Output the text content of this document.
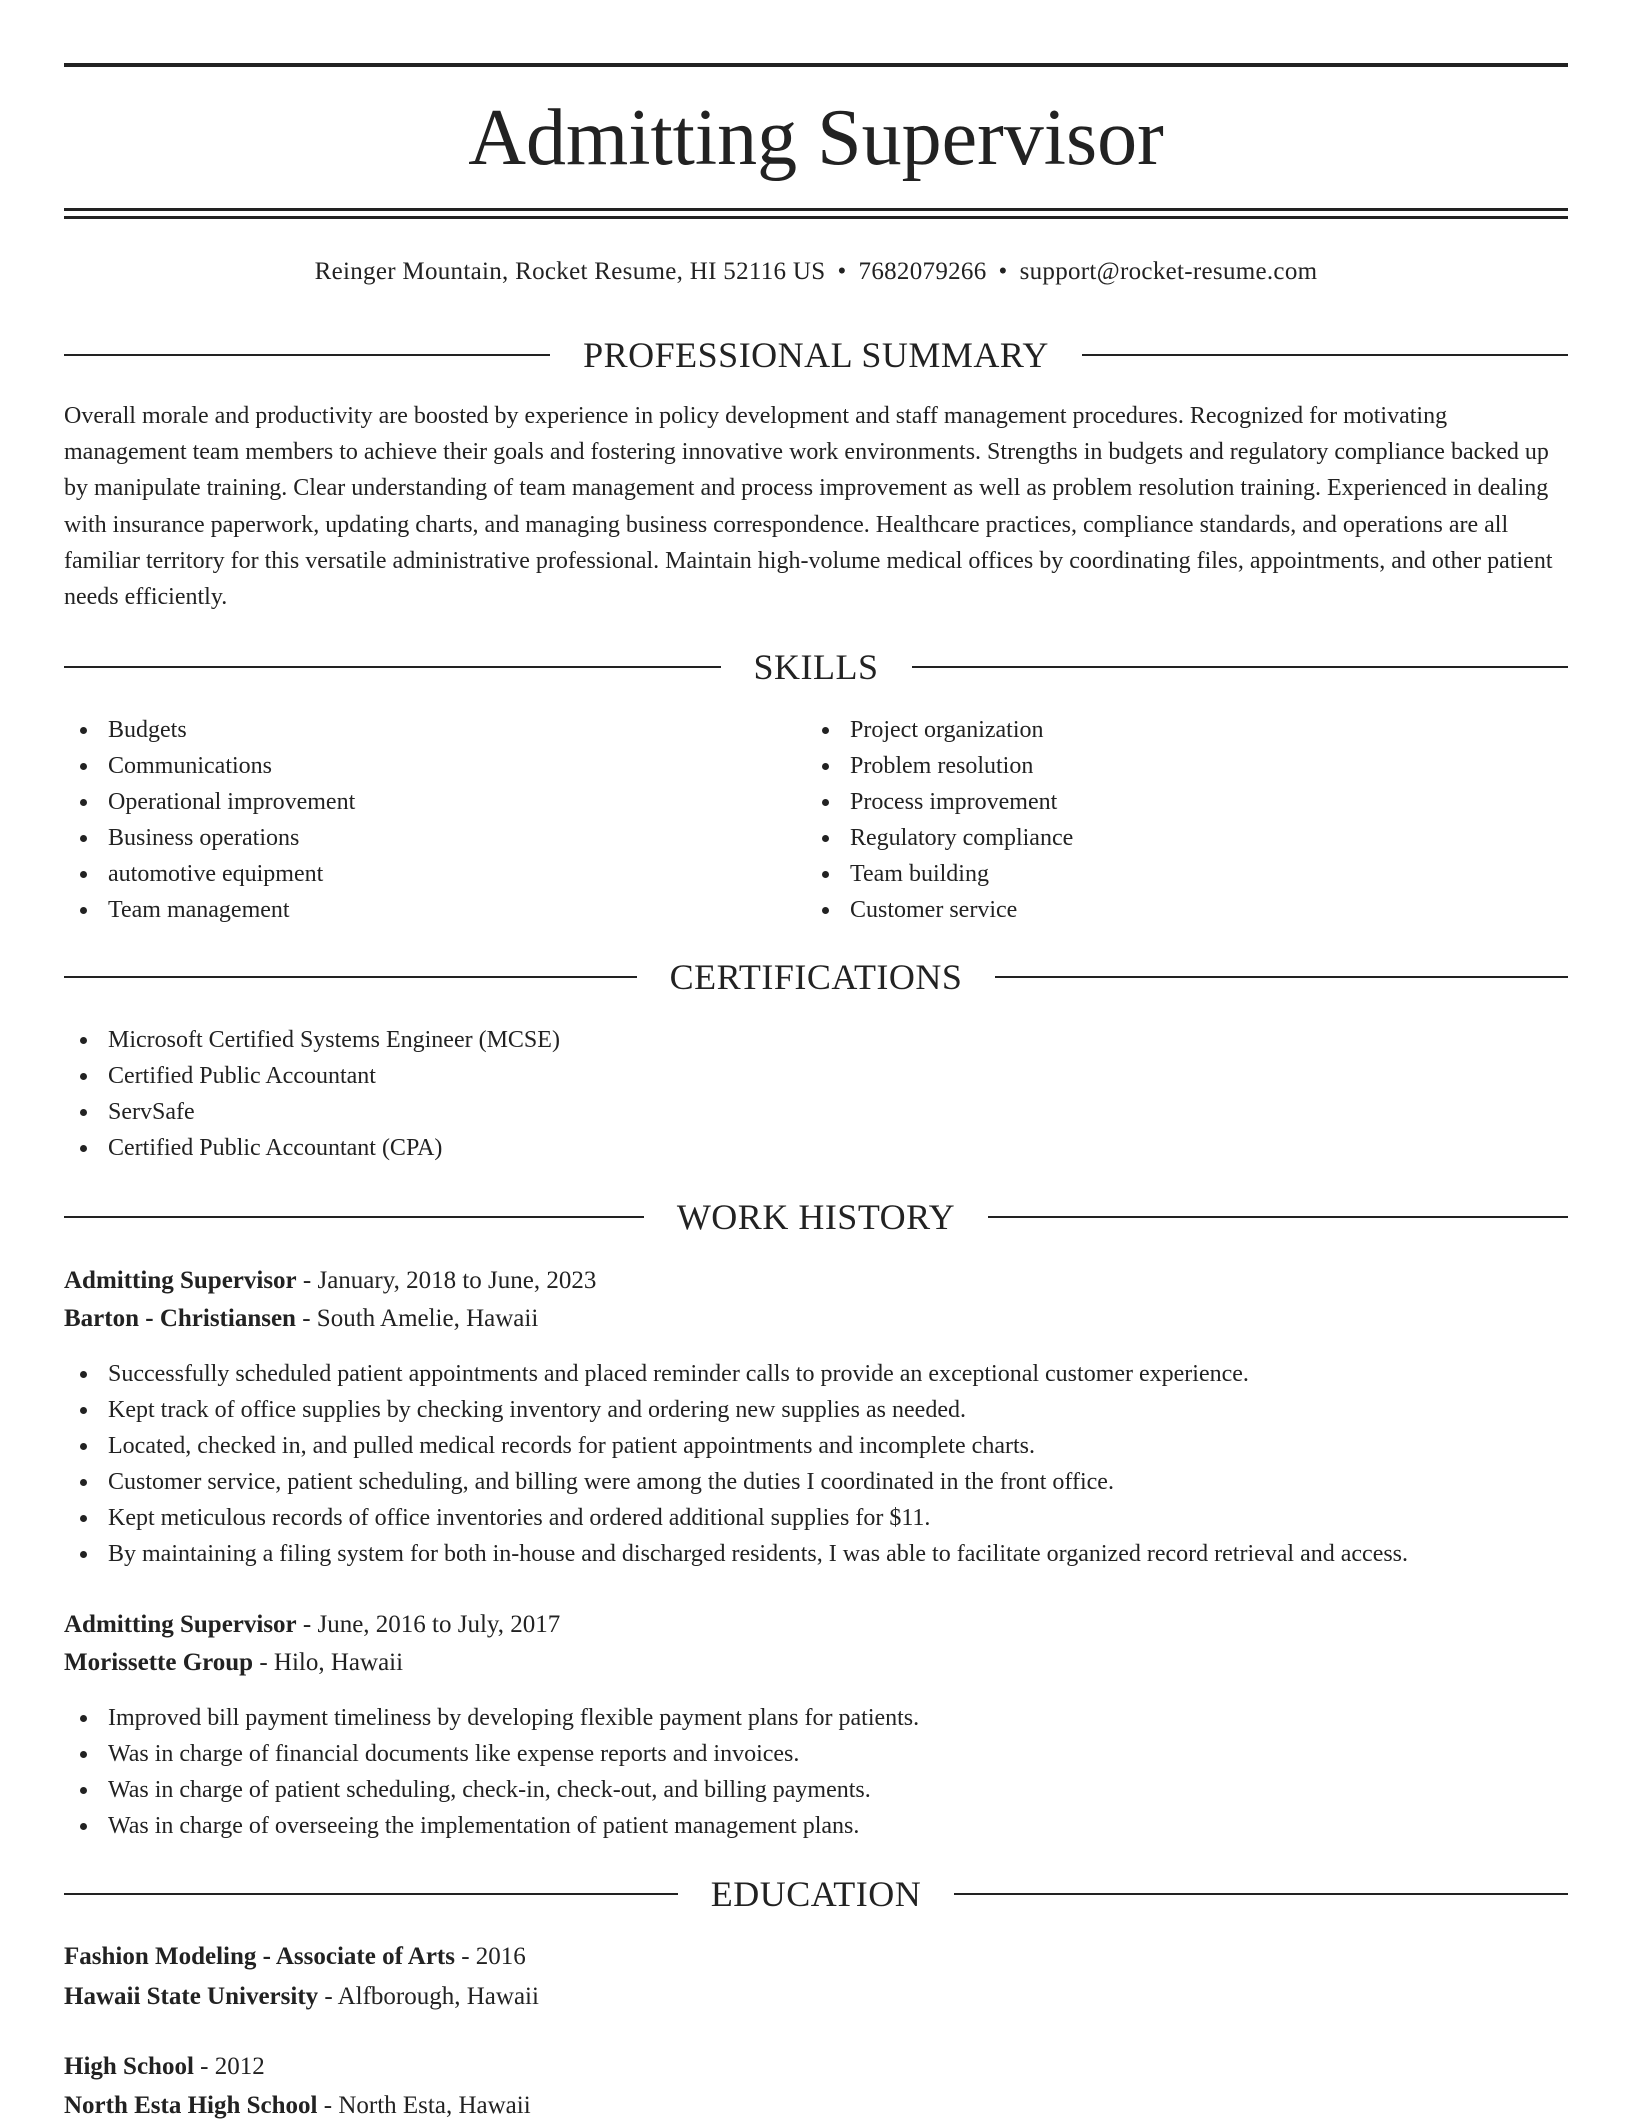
Admitting Supervisor
Reinger Mountain, Rocket Resume, HI 52116 US • 7682079266 • support@rocket-resume.com
PROFESSIONAL SUMMARY

Overall morale and productivity are boosted by experience in policy development and staff management procedures. Recognized for motivating management team members to achieve their goals and fostering innovative work environments. Strengths in budgets and regulatory compliance backed up by manipulate training. Clear understanding of team management and process improvement as well as problem resolution training. Experienced in dealing with insurance paperwork, updating charts, and managing business correspondence. Healthcare practices, compliance standards, and operations are all familiar territory for this versatile administrative professional. Maintain high-volume medical offices by coordinating files, appointments, and other patient needs efficiently.

SKILLS
Budgets
Communications
Operational improvement
Business operations
automotive equipment
Team management
Project organization
Problem resolution
Process improvement
Regulatory compliance
Team building
Customer service
CERTIFICATIONS
Microsoft Certified Systems Engineer (MCSE)
Certified Public Accountant
ServSafe
Certified Public Accountant (CPA)
WORK HISTORY
Admitting Supervisor - January, 2018 to June, 2023
Barton - Christiansen - South Amelie, Hawaii
Successfully scheduled patient appointments and placed reminder calls to provide an exceptional customer experience.
Kept track of office supplies by checking inventory and ordering new supplies as needed.
Located, checked in, and pulled medical records for patient appointments and incomplete charts.
Customer service, patient scheduling, and billing were among the duties I coordinated in the front office.
Kept meticulous records of office inventories and ordered additional supplies for $11.
By maintaining a filing system for both in-house and discharged residents, I was able to facilitate organized record retrieval and access.
Admitting Supervisor - June, 2016 to July, 2017
Morissette Group - Hilo, Hawaii
Improved bill payment timeliness by developing flexible payment plans for patients.
Was in charge of financial documents like expense reports and invoices.
Was in charge of patient scheduling, check-in, check-out, and billing payments.
Was in charge of overseeing the implementation of patient management plans.
EDUCATION
Fashion Modeling - Associate of Arts - 2016
Hawaii State University - Alfborough, Hawaii
High School - 2012
North Esta High School - North Esta, Hawaii
